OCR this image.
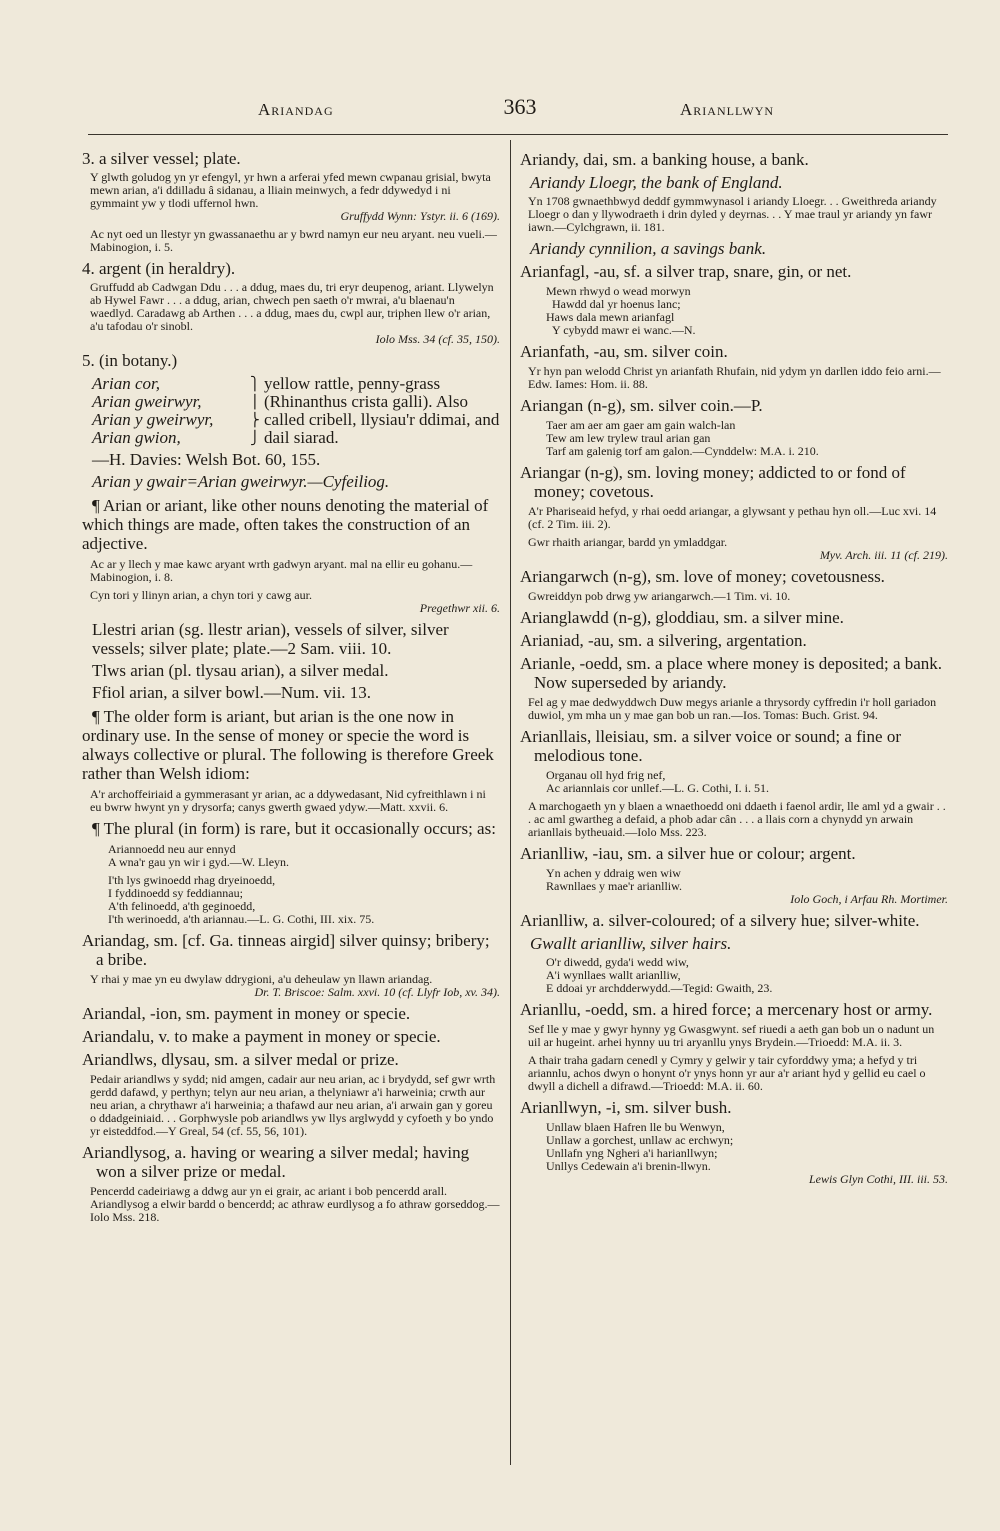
Ariandag	363	Arianllwyn

3. a silver vessel; plate.

Y glwth goludog yn yr efengyl, yr hwn a arferai yfed mewn cwpanau grisial, bwyta mewn arian, a'i ddilladu â sidanau, a lliain meinwych, a fedr ddywedyd i ni gymmaint yw y tlodi uffernol hwn.
Gruffydd Wynn: Ystyr. ii. 6 (169).

Ac nyt oed un llestyr yn gwassanaethu ar y bwrd namyn eur neu aryant. neu vueli.—Mabinogion, i. 5.

4. argent (in heraldry).

Gruffudd ab Cadwgan Ddu . . . a ddug, maes du, tri eryr deupenog, ariant. Llywelyn ab Hywel Fawr . . . a ddug, arian, chwech pen saeth o'r mwrai, a'u blaenau'n waedlyd. Caradawg ab Arthen . . . a ddug, maes du, cwpl aur, triphen llew o'r arian, a'u tafodau o'r sinobl.
Iolo Mss. 34 (cf. 35, 150).

5. (in botany.)

Arian cor,
Arian gweirwyr,
Arian y gweirwyr,
Arian gwion,
⎫
⎪
⎬
⎭
yellow rattle, penny-grass (Rhinanthus crista galli). Also called cribell, llysiau'r ddimai, and dail siarad.

—H. Davies: Welsh Bot. 60, 155.

Arian y gwair=Arian gweirwyr.—Cyfeiliog.

¶ Arian or ariant, like other nouns denoting the material of which things are made, often takes the construction of an adjective.

Ac ar y llech y mae kawc aryant wrth gadwyn aryant. mal na ellir eu gohanu.—Mabinogion, i. 8.

Cyn tori y llinyn arian, a chyn tori y cawg aur.
Pregethwr xii. 6.

Llestri arian (sg. llestr arian), vessels of silver, silver vessels; silver plate; plate.—2 Sam. viii. 10.

Tlws arian (pl. tlysau arian), a silver medal.

Ffiol arian, a silver bowl.—Num. vii. 13.

¶ The older form is ariant, but arian is the one now in ordinary use. In the sense of money or specie the word is always collective or plural. The following is therefore Greek rather than Welsh idiom:

A'r archoffeiriaid a gymmerasant yr arian, ac a ddywedasant, Nid cyfreithlawn i ni eu bwrw hwynt yn y drysorfa; canys gwerth gwaed ydyw.—Matt. xxvii. 6.

¶ The plural (in form) is rare, but it occasionally occurs; as:

Ariannoedd neu aur ennyd
A wna'r gau yn wir i gyd.—W. Lleyn.

I'th lys gwinoedd rhag dryeinoedd,
I fyddinoedd sy feddiannau;
A'th felinoedd, a'th geginoedd,
I'th werinoedd, a'th ariannau.—L. G. Cothi, III. xix. 75.

Ariandag, sm. [cf. Ga. tinneas airgid] silver quinsy; bribery; a bribe.

Y rhai y mae yn eu dwylaw ddrygioni, a'u deheulaw yn llawn ariandag.
Dr. T. Briscoe: Salm. xxvi. 10 (cf. Llyfr Iob, xv. 34).

Ariandal, -ion, sm. payment in money or specie.

Ariandalu, v. to make a payment in money or specie.

Ariandlws, dlysau, sm. a silver medal or prize.

Pedair ariandlws y sydd; nid amgen, cadair aur neu arian, ac i brydydd, sef gwr wrth gerdd dafawd, y perthyn; telyn aur neu arian, a thelyniawr a'i harweinia; crwth aur neu arian, a chrythawr a'i harweinia; a thafawd aur neu arian, a'i arwain gan y goreu o ddadgeiniaid. . . Gorphwysle pob ariandlws yw llys arglwydd y cyfoeth y bo yndo yr eisteddfod.—Y Greal, 54 (cf. 55, 56, 101).

Ariandlysog, a. having or wearing a silver medal; having won a silver prize or medal.

Pencerdd cadeiriawg a ddwg aur yn ei grair, ac ariant i bob pencerdd arall. Ariandlysog a elwir bardd o bencerdd; ac athraw eurdlysog a fo athraw gorseddog.—Iolo Mss. 218.

Ariandy, dai, sm. a banking house, a bank.

Ariandy Lloegr, the bank of England.

Yn 1708 gwnaethbwyd deddf gymmwynasol i ariandy Lloegr. . . Gweithreda ariandy Lloegr o dan y llywodraeth i drin dyled y deyrnas. . . Y mae traul yr ariandy yn fawr iawn.—Cylchgrawn, ii. 181.

Ariandy cynnilion, a savings bank.

Arianfagl, -au, sf. a silver trap, snare, gin, or net.

Mewn rhwyd o wead morwyn
Hawdd dal yr hoenus lanc;
Haws dala mewn arianfagl
Y cybydd mawr ei wanc.—N.

Arianfath, -au, sm. silver coin.

Yr hyn pan welodd Christ yn arianfath Rhufain, nid ydym yn darllen iddo feio arni.—Edw. Iames: Hom. ii. 88.

Ariangan (n-g), sm. silver coin.—P.

Taer am aer am gaer am gain walch-lan
Tew am lew trylew traul arian gan
Tarf am galenig torf am galon.—Cynddelw: M.A. i. 210.

Ariangar (n-g), sm. loving money; addicted to or fond of money; covetous.

A'r Phariseaid hefyd, y rhai oedd ariangar, a glywsant y pethau hyn oll.—Luc xvi. 14 (cf. 2 Tim. iii. 2).

Gwr rhaith ariangar, bardd yn ymladdgar.
Myv. Arch. iii. 11 (cf. 219).

Ariangarwch (n-g), sm. love of money; covetousness.

Gwreiddyn pob drwg yw ariangarwch.—1 Tim. vi. 10.

Arianglawdd (n-g), gloddiau, sm. a silver mine.

Arianiad, -au, sm. a silvering, argentation.

Arianle, -oedd, sm. a place where money is deposited; a bank. Now superseded by ariandy.

Fel ag y mae dedwyddwch Duw megys arianle a thrysordy cyffredin i'r holl gariadon duwiol, ym mha un y mae gan bob un ran.—Ios. Tomas: Buch. Grist. 94.

Arianllais, lleisiau, sm. a silver voice or sound; a fine or melodious tone.

Organau oll hyd frig nef,
Ac ariannlais cor unllef.—L. G. Cothi, I. i. 51.

A marchogaeth yn y blaen a wnaethoedd oni ddaeth i faenol ardir, lle aml yd a gwair . . . ac aml gwartheg a defaid, a phob adar cân . . . a llais corn a chynydd yn arwain arianllais bytheuaid.—Iolo Mss. 223.

Arianlliw, -iau, sm. a silver hue or colour; argent.

Yn achen y ddraig wen wiw
Rawnllaes y mae'r arianlliw.
Iolo Goch, i Arfau Rh. Mortimer.

Arianlliw, a. silver-coloured; of a silvery hue; silver-white.

Gwallt arianlliw, silver hairs.

O'r diwedd, gyda'i wedd wiw,
A'i wynllaes wallt arianlliw,
E ddoai yr archdderwydd.—Tegid: Gwaith, 23.

Arianllu, -oedd, sm. a hired force; a mercenary host or army.

Sef lle y mae y gwyr hynny yg Gwasgwynt. sef riuedi a aeth gan bob un o nadunt un uil ar hugeint. arhei hynny uu tri aryanllu ynys Brydein.—Trioedd: M.A. ii. 3.

A thair traha gadarn cenedl y Cymry y gelwir y tair cyforddwy yma; a hefyd y tri ariannlu, achos dwyn o honynt o'r ynys honn yr aur a'r ariant hyd y gellid eu cael o dwyll a dichell a difrawd.—Trioedd: M.A. ii. 60.

Arianllwyn, -i, sm. silver bush.

Unllaw blaen Hafren lle bu Wenwyn,
Unllaw a gorchest, unllaw ac erchwyn;
Unllafn yng Ngheri a'i harianllwyn;
Unllys Cedewain a'i brenin-llwyn.
Lewis Glyn Cothi, III. iii. 53.
